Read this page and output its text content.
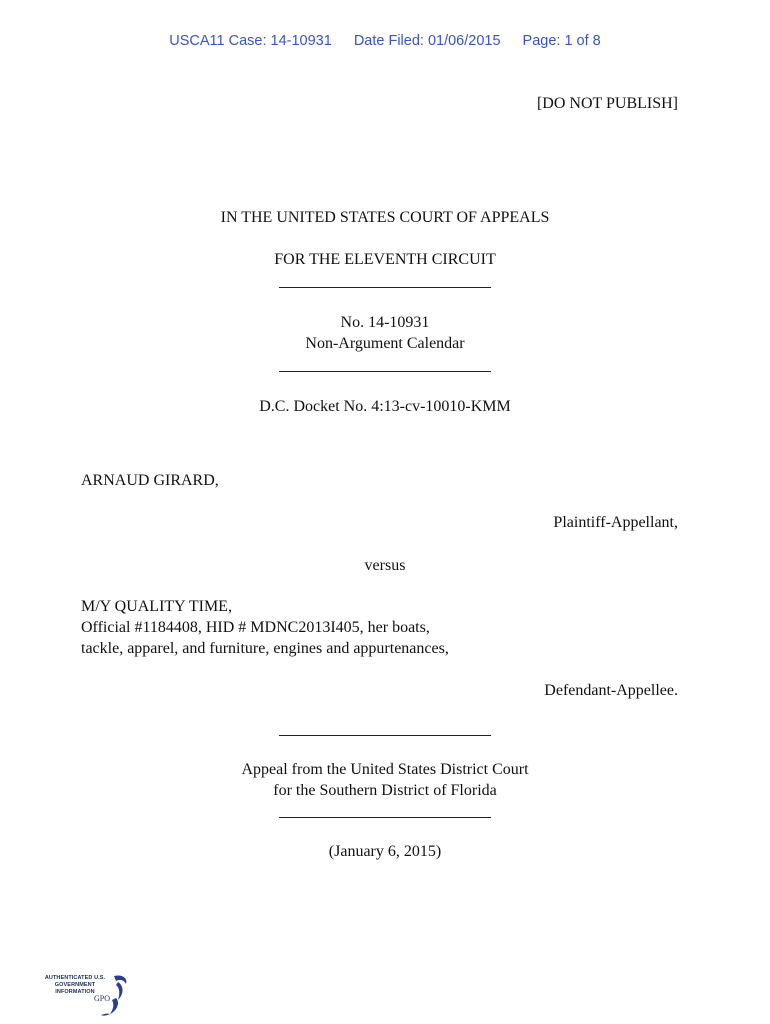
USCA11 Case: 14-10931 Date Filed: 01/06/2015 Page: 1 of 8
[DO NOT PUBLISH]
IN THE UNITED STATES COURT OF APPEALS
FOR THE ELEVENTH CIRCUIT
No. 14-10931
Non-Argument Calendar
D.C. Docket No. 4:13-cv-10010-KMM
ARNAUD GIRARD,
Plaintiff-Appellant,
versus
M/Y QUALITY TIME,
Official #1184408, HID # MDNC2013I405, her boats,
tackle, apparel, and furniture, engines and appurtenances,
Defendant-Appellee.
Appeal from the United States District Court
for the Southern District of Florida
(January 6, 2015)
AUTHENTICATED U.S. GOVERNMENT INFORMATION
GPO
